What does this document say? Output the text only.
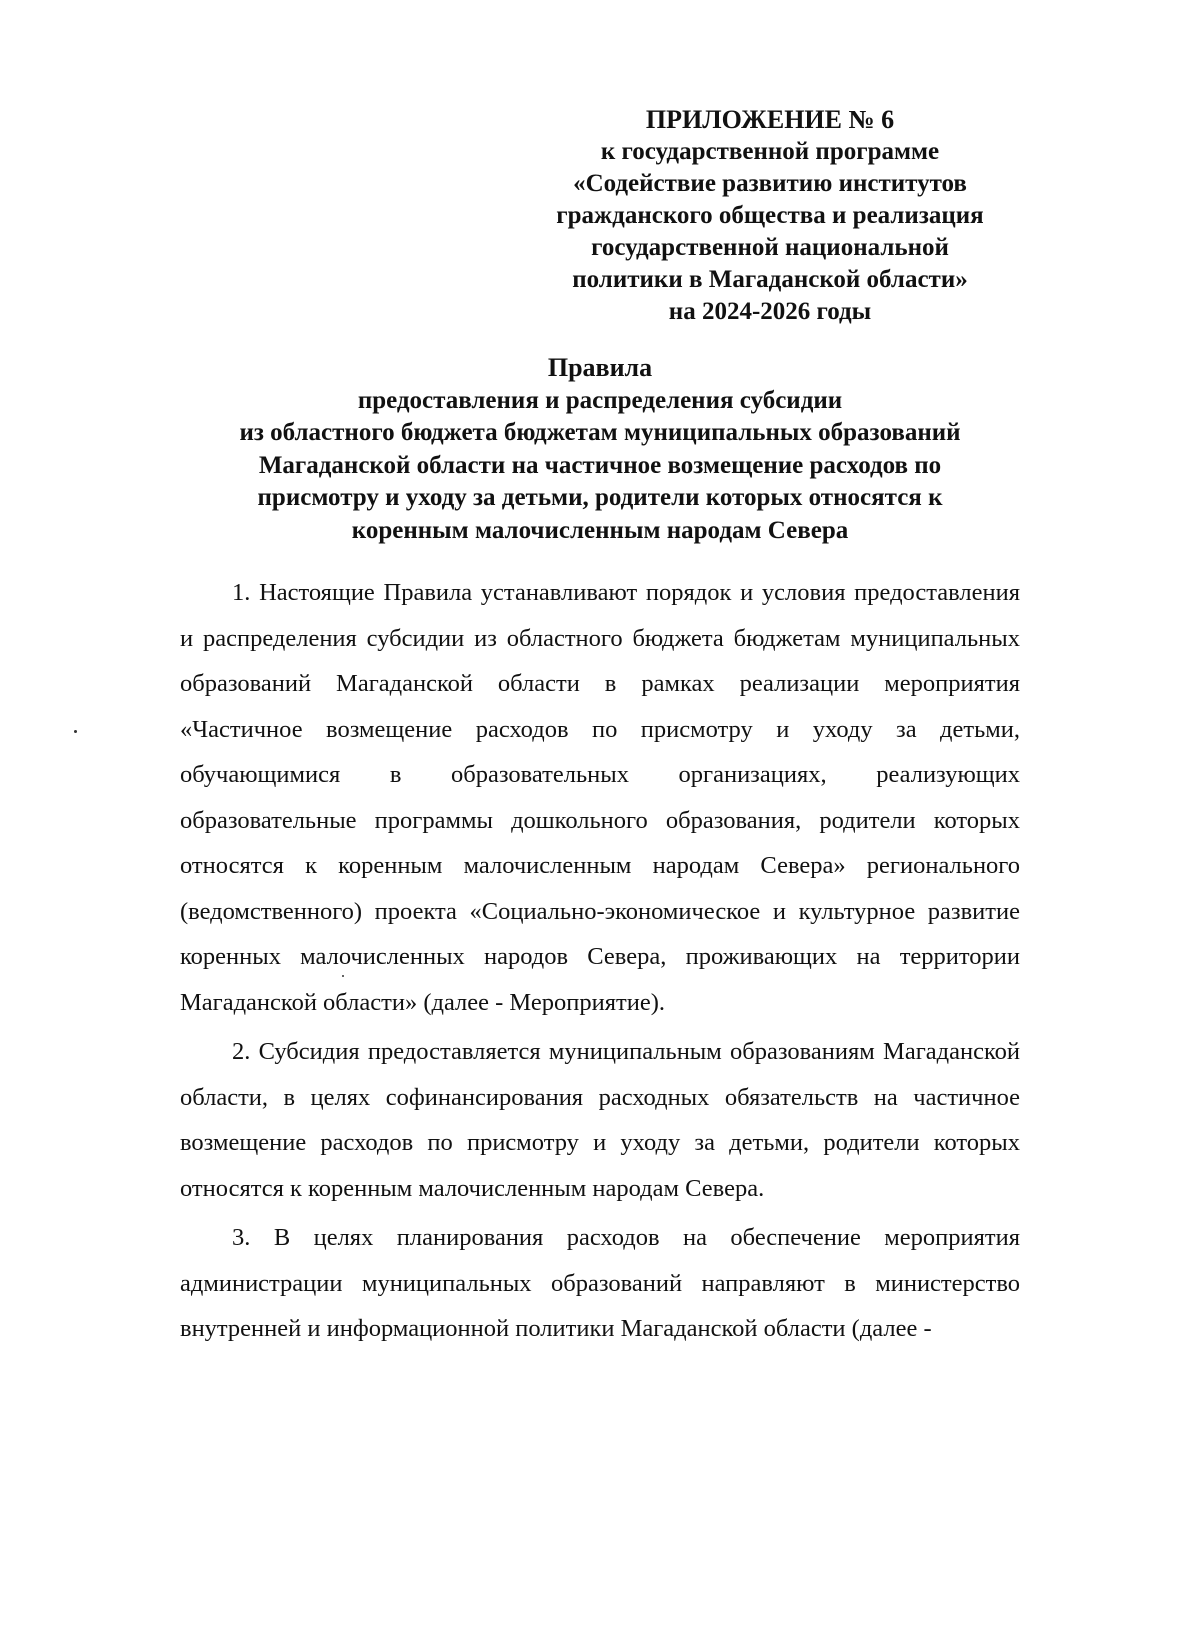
ПРИЛОЖЕНИЕ № 6
к государственной программе
«Содействие развитию институтов
гражданского общества и реализация
государственной национальной
политики в Магаданской области»
на 2024-2026 годы
Правила
предоставления и распределения субсидии
из областного бюджета бюджетам муниципальных образований
Магаданской области на частичное возмещение расходов по
присмотру и уходу за детьми, родители которых относятся к
коренным малочисленным народам Севера

1. Настоящие Правила устанавливают порядок и условия предоставления и распределения субсидии из областного бюджета бюджетам муниципальных образований Магаданской области в рамках реализации мероприятия «Частичное возмещение расходов по присмотру и уходу за детьми, обучающимися в образовательных организациях, реализующих образовательные программы дошкольного образования, родители которых относятся к коренным малочисленным народам Севера» регионального (ведомственного) проекта «Социально-экономическое и культурное развитие коренных малочисленных народов Севера, проживающих на территории Магаданской области» (далее - Мероприятие).

2. Субсидия предоставляется муниципальным образованиям Магаданской области, в целях софинансирования расходных обязательств на частичное возмещение расходов по присмотру и уходу за детьми, родители которых относятся к коренным малочисленным народам Севера.

3. В целях планирования расходов на обеспечение мероприятия администрации муниципальных образований направляют в министерство внутренней и информационной политики Магаданской области (далее -
